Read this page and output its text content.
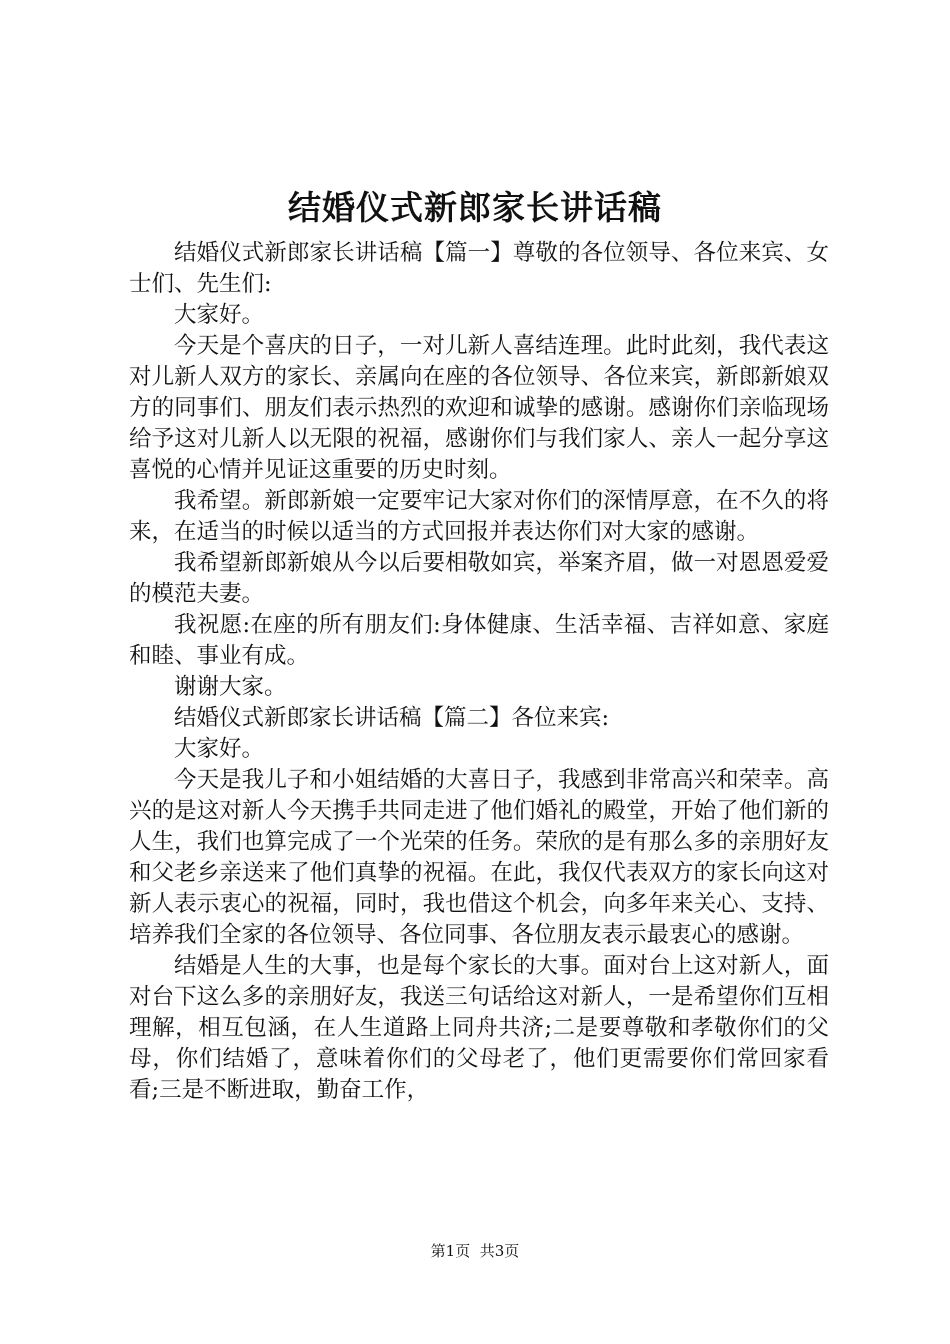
结婚仪式新郎家长讲话稿

结婚仪式新郎家长讲话稿【篇一】尊敬的各位领导、各位来宾、女士们、先生们:

大家好。

今天是个喜庆的日子，一对儿新人喜结连理。此时此刻，我代表这对儿新人双方的家长、亲属向在座的各位领导、各位来宾，新郎新娘双方的同事们、朋友们表示热烈的欢迎和诚挚的感谢。感谢你们亲临现场给予这对儿新人以无限的祝福，感谢你们与我们家人、亲人一起分享这喜悦的心情并见证这重要的历史时刻。

我希望。新郎新娘一定要牢记大家对你们的深情厚意，在不久的将来，在适当的时候以适当的方式回报并表达你们对大家的感谢。

我希望新郎新娘从今以后要相敬如宾，举案齐眉，做一对恩恩爱爱的模范夫妻。

我祝愿:在座的所有朋友们:身体健康、生活幸福、吉祥如意、家庭和睦、事业有成。

谢谢大家。

结婚仪式新郎家长讲话稿【篇二】各位来宾:

大家好。

今天是我儿子和小姐结婚的大喜日子，我感到非常高兴和荣幸。高兴的是这对新人今天携手共同走进了他们婚礼的殿堂，开始了他们新的人生，我们也算完成了一个光荣的任务。荣欣的是有那么多的亲朋好友和父老乡亲送来了他们真挚的祝福。在此，我仅代表双方的家长向这对新人表示衷心的祝福，同时，我也借这个机会，向多年来关心、支持、培养我们全家的各位领导、各位同事、各位朋友表示最衷心的感谢。

结婚是人生的大事，也是每个家长的大事。面对台上这对新人，面对台下这么多的亲朋好友，我送三句话给这对新人，一是希望你们互相理解，相互包涵，在人生道路上同舟共济;二是要尊敬和孝敬你们的父母，你们结婚了，意味着你们的父母老了，他们更需要你们常回家看看;三是不断进取，勤奋工作，

第1页 共3页
